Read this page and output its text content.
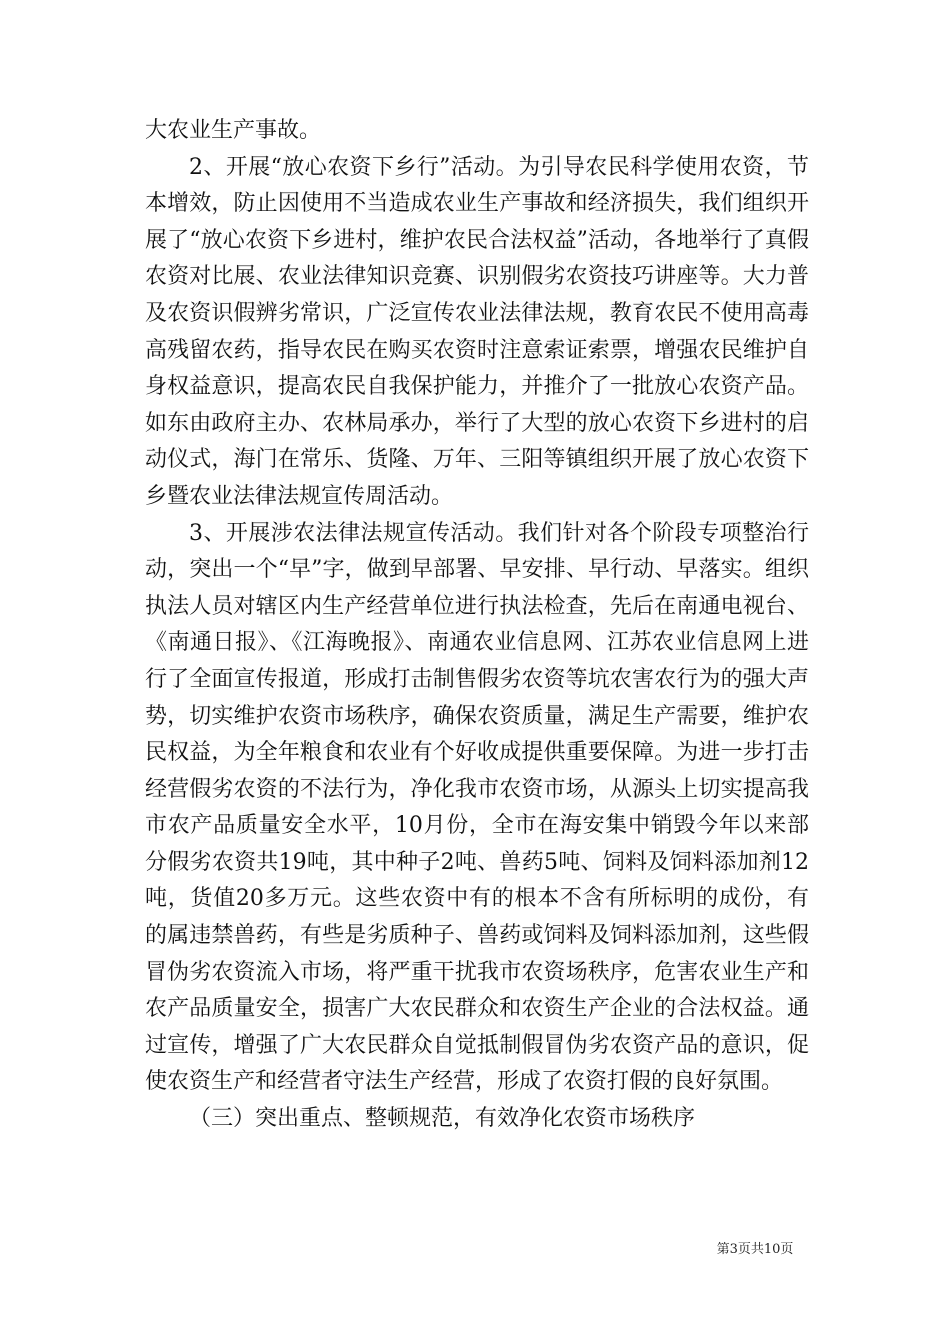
大农业生产事故。

2、开展“放心农资下乡行”活动。为引导农民科学使用农资，节本增效，防止因使用不当造成农业生产事故和经济损失，我们组织开展了“放心农资下乡进村，维护农民合法权益”活动，各地举行了真假农资对比展、农业法律知识竞赛、识别假劣农资技巧讲座等。大力普及农资识假辨劣常识，广泛宣传农业法律法规，教育农民不使用高毒高残留农药，指导农民在购买农资时注意索证索票，增强农民维护自身权益意识，提高农民自我保护能力，并推介了一批放心农资产品。如东由政府主办、农林局承办，举行了大型的放心农资下乡进村的启动仪式，海门在常乐、货隆、万年、三阳等镇组织开展了放心农资下乡暨农业法律法规宣传周活动。

3、开展涉农法律法规宣传活动。我们针对各个阶段专项整治行动，突出一个“早”字，做到早部署、早安排、早行动、早落实。组织执法人员对辖区内生产经营单位进行执法检查，先后在南通电视台、《南通日报》、《江海晚报》、南通农业信息网、江苏农业信息网上进行了全面宣传报道，形成打击制售假劣农资等坑农害农行为的强大声势，切实维护农资市场秩序，确保农资质量，满足生产需要，维护农民权益，为全年粮食和农业有个好收成提供重要保障。为进一步打击经营假劣农资的不法行为，净化我市农资市场，从源头上切实提高我市农产品质量安全水平，10月份，全市在海安集中销毁今年以来部分假劣农资共19吨，其中种子2吨、兽药5吨、饲料及饲料添加剂12吨，货值20多万元。这些农资中有的根本不含有所标明的成份，有的属违禁兽药，有些是劣质种子、兽药或饲料及饲料添加剂，这些假冒伪劣农资流入市场，将严重干扰我市农资场秩序，危害农业生产和农产品质量安全，损害广大农民群众和农资生产企业的合法权益。通过宣传，增强了广大农民群众自觉抵制假冒伪劣农资产品的意识，促使农资生产和经营者守法生产经营，形成了农资打假的良好氛围。

（三）突出重点、整顿规范，有效净化农资市场秩序

第3页共10页
